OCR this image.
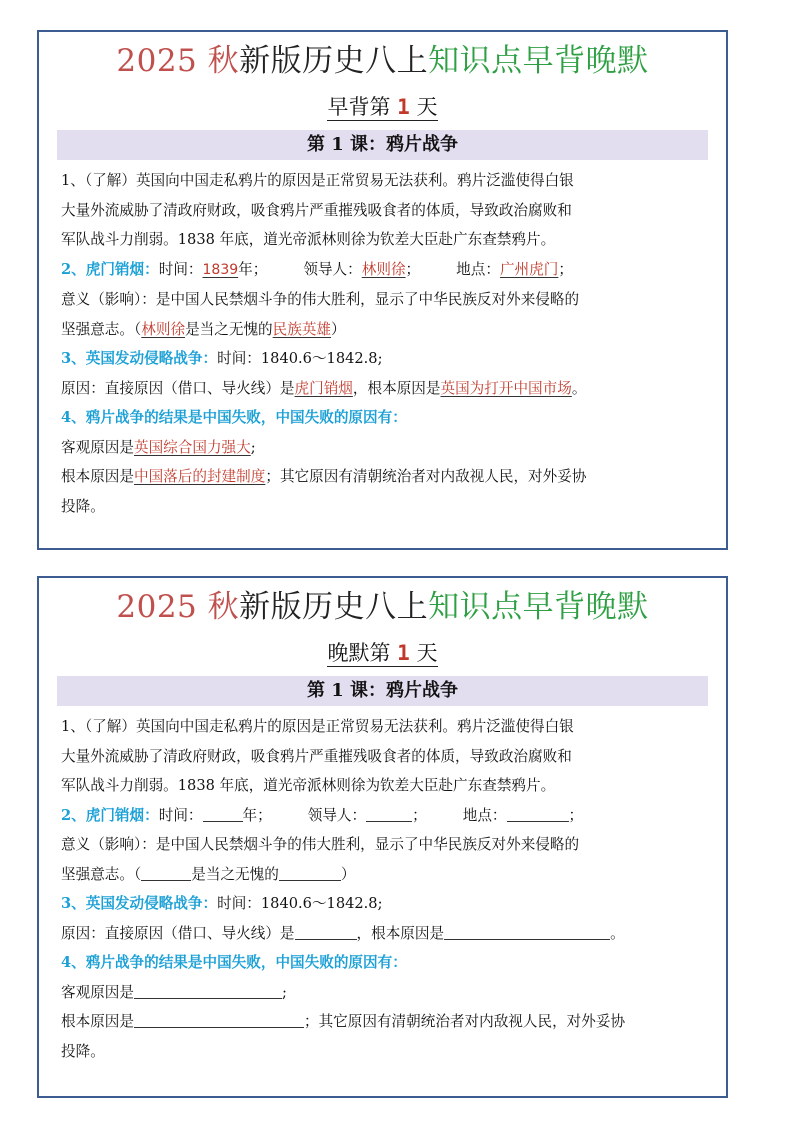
2025 秋新版历史八上知识点早背晚默
早背第 1 天
第 1 课：鸦片战争
1、（了解）英国向中国走私鸦片的原因是正常贸易无法获利。鸦片泛滥使得白银
大量外流威胁了清政府财政，吸食鸦片严重摧残吸食者的体质，导致政治腐败和
军队战斗力削弱。1838 年底，道光帝派林则徐为钦差大臣赴广东查禁鸦片。
2、虎门销烟：时间：1839年； 领导人：林则徐； 地点：广州虎门；
意义（影响）：是中国人民禁烟斗争的伟大胜利，显示了中华民族反对外来侵略的
坚强意志。（林则徐是当之无愧的民族英雄）
3、英国发动侵略战争：时间：1840.6～1842.8;
原因：直接原因（借口、导火线）是虎门销烟，根本原因是英国为打开中国市场。
4、鸦片战争的结果是中国失败，中国失败的原因有：
客观原因是英国综合国力强大;
根本原因是中国落后的封建制度；其它原因有清朝统治者对内敌视人民，对外妥协
投降。
2025 秋新版历史八上知识点早背晚默
晚默第 1 天
第 1 课：鸦片战争
1、（了解）英国向中国走私鸦片的原因是正常贸易无法获利。鸦片泛滥使得白银
大量外流威胁了清政府财政，吸食鸦片严重摧残吸食者的体质，导致政治腐败和
军队战斗力削弱。1838 年底，道光帝派林则徐为钦差大臣赴广东查禁鸦片。
2、虎门销烟：时间：	年； 领导人：	； 地点：	；
意义（影响）：是中国人民禁烟斗争的伟大胜利，显示了中华民族反对外来侵略的
坚强意志。（	是当之无愧的	）
3、英国发动侵略战争：时间：1840.6～1842.8;
原因：直接原因（借口、导火线）是	，根本原因是	。
4、鸦片战争的结果是中国失败，中国失败的原因有：
客观原因是	;
根本原因是	；其它原因有清朝统治者对内敌视人民，对外妥协
投降。
